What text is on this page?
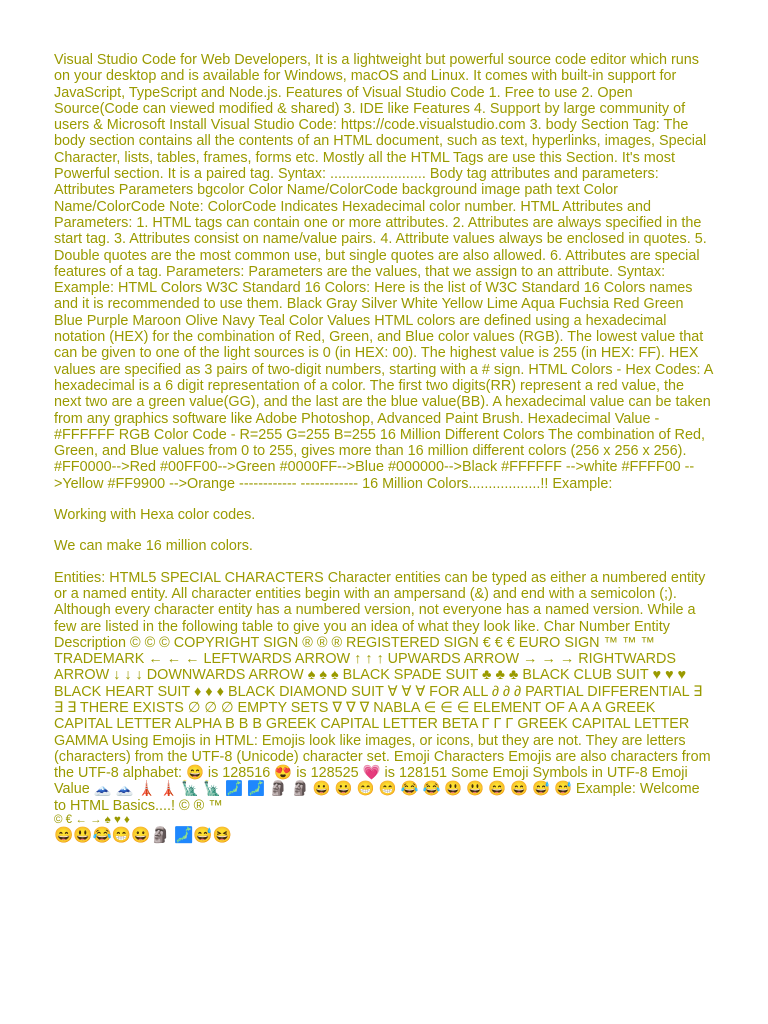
Visual Studio Code for Web Developers, It is a lightweight but powerful source code editor which runs on your desktop and is available for Windows, macOS and Linux. It comes with built-in support for JavaScript, TypeScript and Node.js. Features of Visual Studio Code 1. Free to use 2. Open Source(Code can viewed modified & shared) 3. IDE like Features 4. Support by large community of users & Microsoft Install Visual Studio Code: https://code.visualstudio.com 3. body Section Tag: The body section contains all the contents of an HTML document, such as text, hyperlinks, images, Special Character, lists, tables, frames, forms etc. Mostly all the HTML Tags are use this Section. It's most Powerful section. It is a paired tag. Syntax: ........................ Body tag attributes and parameters: Attributes Parameters bgcolor Color Name/ColorCode background image path text Color Name/ColorCode Note: ColorCode Indicates Hexadecimal color number. HTML Attributes and Parameters: 1. HTML tags can contain one or more attributes. 2. Attributes are always specified in the start tag. 3. Attributes consist on name/value pairs. 4. Attribute values always be enclosed in quotes. 5. Double quotes are the most common use, but single quotes are also allowed. 6. Attributes are special features of a tag. Parameters: Parameters are the values, that we assign to an attribute. Syntax: Example: HTML Colors W3C Standard 16 Colors: Here is the list of W3C Standard 16 Colors names and it is recommended to use them. Black Gray Silver White Yellow Lime Aqua Fuchsia Red Green Blue Purple Maroon Olive Navy Teal Color Values HTML colors are defined using a hexadecimal notation (HEX) for the combination of Red, Green, and Blue color values (RGB). The lowest value that can be given to one of the light sources is 0 (in HEX: 00). The highest value is 255 (in HEX: FF). HEX values are specified as 3 pairs of two-digit numbers, starting with a # sign. HTML Colors - Hex Codes: A hexadecimal is a 6 digit representation of a color. The first two digits(RR) represent a red value, the next two are a green value(GG), and the last are the blue value(BB). A hexadecimal value can be taken from any graphics software like Adobe Photoshop, Advanced Paint Brush. Hexadecimal Value - #FFFFFF RGB Color Code - R=255 G=255 B=255 16 Million Different Colors The combination of Red, Green, and Blue values from 0 to 255, gives more than 16 million different colors (256 x 256 x 256). #FF0000-->Red #00FF00-->Green #0000FF-->Blue #000000-->Black #FFFFFF -->white #FFFF00 -->Yellow #FF9900 -->Orange ------------ ------------ 16 Million Colors..................!! Example:

Working with Hexa color codes.

We can make 16 million colors.

Entities: HTML5 SPECIAL CHARACTERS Character entities can be typed as either a numbered entity or a named entity. All character entities begin with an ampersand (&) and end with a semicolon (;). Although every character entity has a numbered version, not everyone has a named version. While a few are listed in the following table to give you an idea of what they look like. Char Number Entity Description © © © COPYRIGHT SIGN ® ® ® REGISTERED SIGN € € € EURO SIGN ™ ™ ™ TRADEMARK ← ← ← LEFTWARDS ARROW ↑ ↑ ↑ UPWARDS ARROW → → → RIGHTWARDS ARROW ↓ ↓ ↓ DOWNWARDS ARROW ♠ ♠ ♠ BLACK SPADE SUIT ♣ ♣ ♣ BLACK CLUB SUIT ♥ ♥ ♥ BLACK HEART SUIT ♦ ♦ ♦ BLACK DIAMOND SUIT ∀ ∀ ∀ FOR ALL ∂ ∂ ∂ PARTIAL DIFFERENTIAL ∃ ∃ ∃ THERE EXISTS ∅ ∅ ∅ EMPTY SETS ∇ ∇ ∇ NABLA ∈ ∈ ∈ ELEMENT OF A A A GREEK CAPITAL LETTER ALPHA B B B GREEK CAPITAL LETTER BETA Γ Γ Γ GREEK CAPITAL LETTER GAMMA Using Emojis in HTML: Emojis look like images, or icons, but they are not. They are letters (characters) from the UTF-8 (Unicode) character set. Emoji Characters Emojis are also characters from the UTF-8 alphabet: 😄 is 128516 😍 is 128525 💗 is 128151 Some Emoji Symbols in UTF-8 Emoji Value 🗻 🗻 🗼 🗼 🗽 🗽 🗾 🗾 🗿 🗿 😀 😀 😁 😁 😂 😂 😃 😃 😄 😄 😅 😅 Example: Welcome to HTML Basics....! © ® ™

© € ← → ♠ ♥ ♦

😄😃😂😁😀🗿 🗾😅😆
